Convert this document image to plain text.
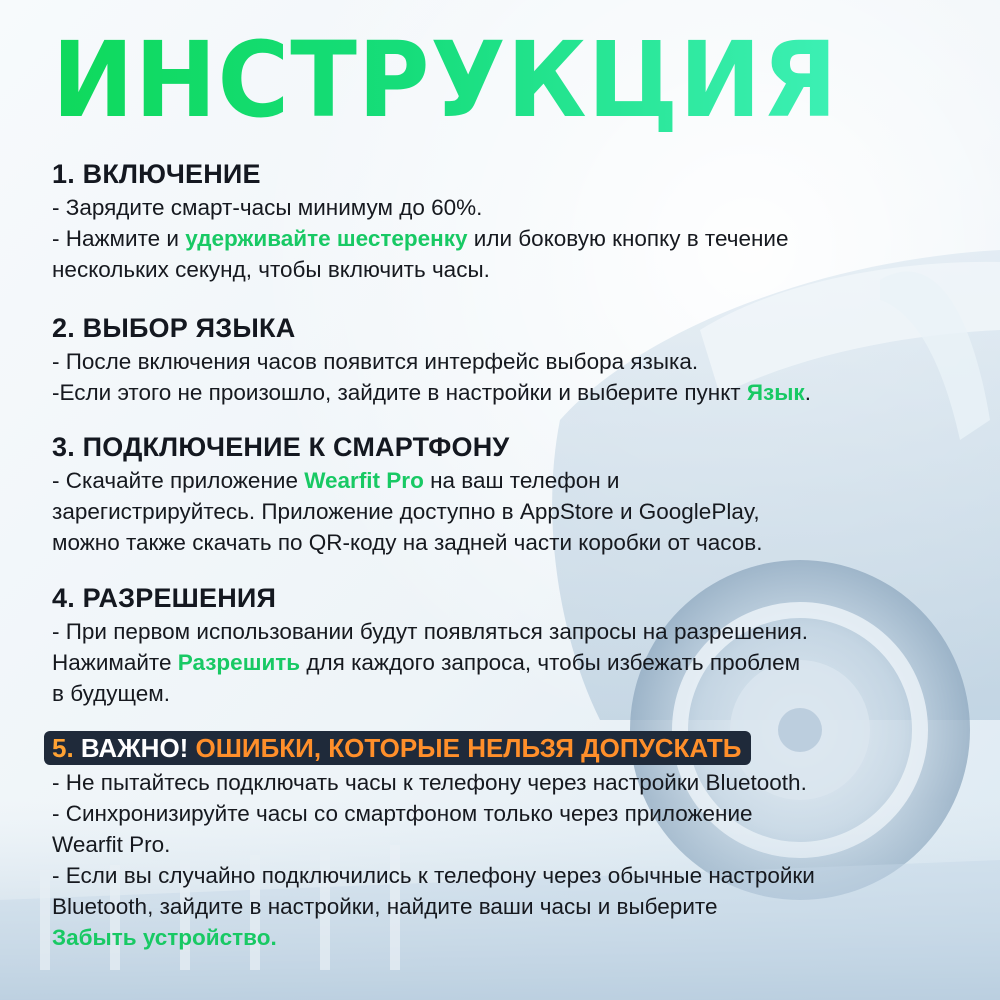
ИНСТРУКЦИЯ
1. ВКЛЮЧЕНИЕ

- Зарядите смарт-часы минимум до 60%.

- Нажмите и удерживайте шестеренку или боковую кнопку в течение

нескольких секунд, чтобы включить часы.

2. ВЫБОР ЯЗЫКА

- После включения часов появится интерфейс выбора языка.

-Если этого не произошло, зайдите в настройки и выберите пункт Язык.

3. ПОДКЛЮЧЕНИЕ К СМАРТФОНУ

- Скачайте приложение Wearfit Pro на ваш телефон и

зарегистрируйтесь. Приложение доступно в AppStore и GooglePlay,

можно также скачать по QR-коду на задней части коробки от часов.

4. РАЗРЕШЕНИЯ

- При первом использовании будут появляться запросы на разрешения.

Нажимайте Разрешить для каждого запроса, чтобы избежать проблем

в будущем.

5. ВАЖНО! ОШИБКИ, КОТОРЫЕ НЕЛЬЗЯ ДОПУСКАТЬ

- Не пытайтесь подключать часы к телефону через настройки Bluetooth.

- Синхронизируйте часы со смартфоном только через приложение

Wearfit Pro.

- Если вы случайно подключились к телефону через обычные настройки

Bluetooth, зайдите в настройки, найдите ваши часы и выберите

Забыть устройство.
